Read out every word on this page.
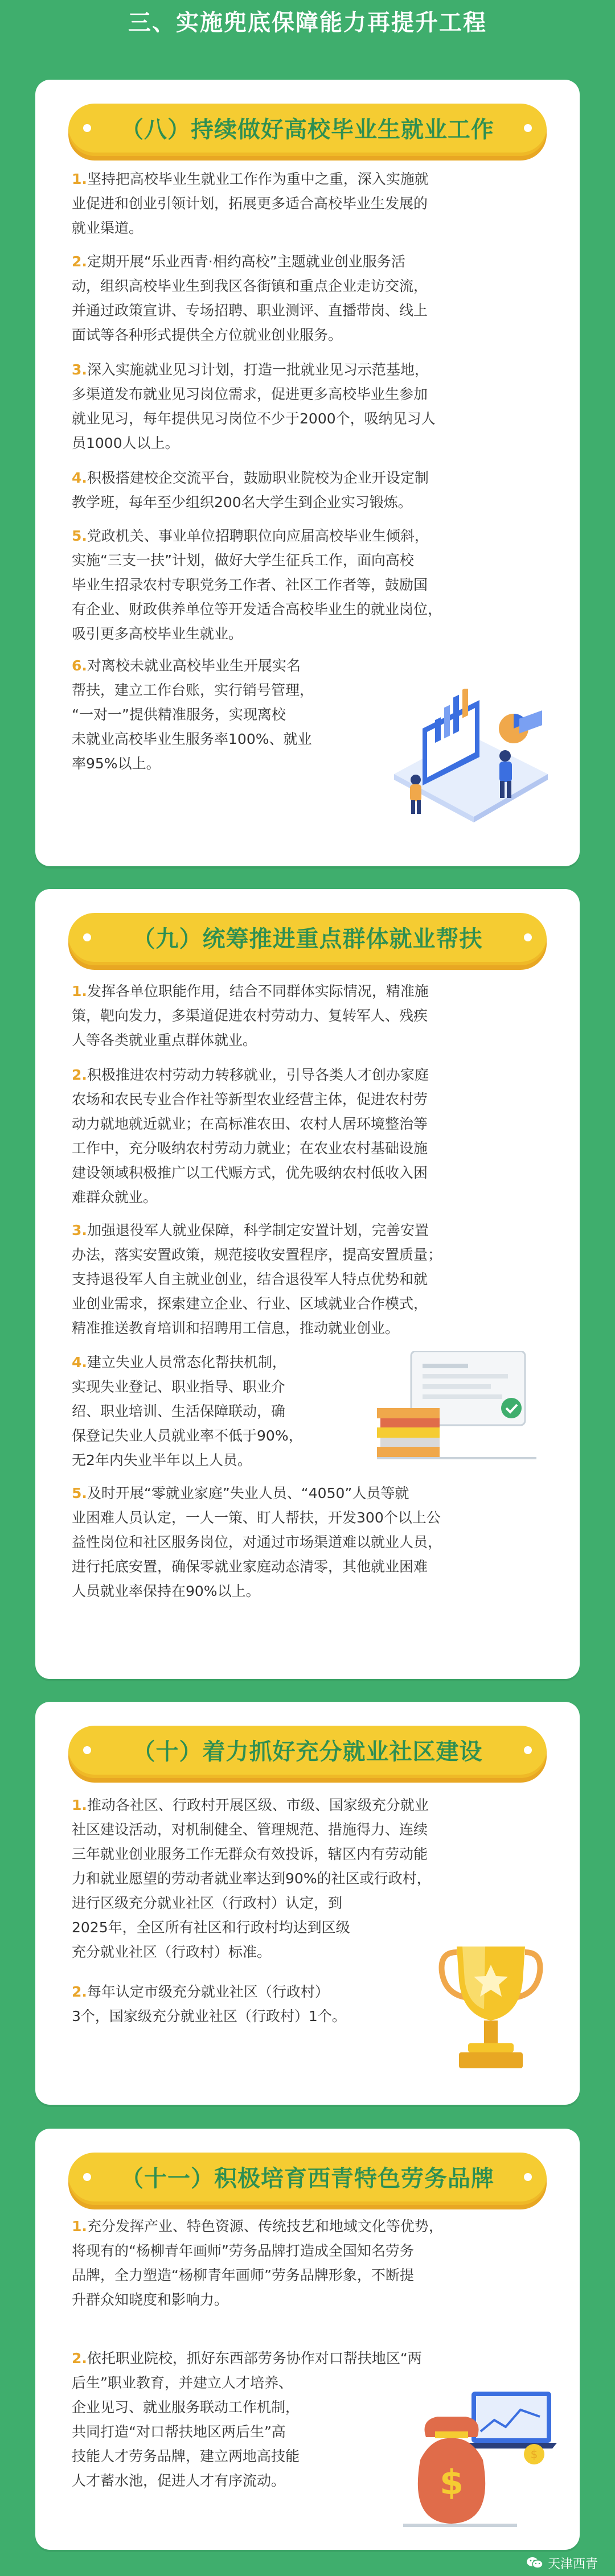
三、实施兜底保障能力再提升工程
（八）持续做好高校毕业生就业工作
1.坚持把高校毕业生就业工作作为重中之重，深入实施就
业促进和创业引领计划，拓展更多适合高校毕业生发展的
就业渠道。
2.定期开展“乐业西青·相约高校”主题就业创业服务活
动，组织高校毕业生到我区各街镇和重点企业走访交流，
并通过政策宣讲、专场招聘、职业测评、直播带岗、线上
面试等各种形式提供全方位就业创业服务。
3.深入实施就业见习计划，打造一批就业见习示范基地，
多渠道发布就业见习岗位需求，促进更多高校毕业生参加
就业见习，每年提供见习岗位不少于2000个，吸纳见习人
员1000人以上。
4.积极搭建校企交流平台，鼓励职业院校为企业开设定制
教学班，每年至少组织200名大学生到企业实习锻炼。
5.党政机关、事业单位招聘职位向应届高校毕业生倾斜，
实施“三支一扶”计划，做好大学生征兵工作，面向高校
毕业生招录农村专职党务工作者、社区工作者等，鼓励国
有企业、财政供养单位等开发适合高校毕业生的就业岗位，
吸引更多高校毕业生就业。
6.对离校未就业高校毕业生开展实名
帮扶，建立工作台账，实行销号管理，
“一对一”提供精准服务，实现离校
未就业高校毕业生服务率100%、就业
率95%以上。
（九）统筹推进重点群体就业帮扶
1.发挥各单位职能作用，结合不同群体实际情况，精准施
策，靶向发力，多渠道促进农村劳动力、复转军人、残疾
人等各类就业重点群体就业。
2.积极推进农村劳动力转移就业，引导各类人才创办家庭
农场和农民专业合作社等新型农业经营主体，促进农村劳
动力就地就近就业；在高标准农田、农村人居环境整治等
工作中，充分吸纳农村劳动力就业；在农业农村基础设施
建设领域积极推广以工代赈方式，优先吸纳农村低收入困
难群众就业。
3.加强退役军人就业保障，科学制定安置计划，完善安置
办法，落实安置政策，规范接收安置程序，提高安置质量；
支持退役军人自主就业创业，结合退役军人特点优势和就
业创业需求，探索建立企业、行业、区域就业合作模式，
精准推送教育培训和招聘用工信息，推动就业创业。
4.建立失业人员常态化帮扶机制，
实现失业登记、职业指导、职业介
绍、职业培训、生活保障联动，确
保登记失业人员就业率不低于90%，
无2年内失业半年以上人员。
5.及时开展“零就业家庭”失业人员、“4050”人员等就
业困难人员认定，一人一策、盯人帮扶，开发300个以上公
益性岗位和社区服务岗位，对通过市场渠道难以就业人员，
进行托底安置，确保零就业家庭动态清零，其他就业困难
人员就业率保持在90%以上。
（十）着力抓好充分就业社区建设
1.推动各社区、行政村开展区级、市级、国家级充分就业
社区建设活动，对机制健全、管理规范、措施得力、连续
三年就业创业服务工作无群众有效投诉，辖区内有劳动能
力和就业愿望的劳动者就业率达到90%的社区或行政村，
进行区级充分就业社区（行政村）认定，到
2025年，全区所有社区和行政村均达到区级
充分就业社区（行政村）标准。
2.每年认定市级充分就业社区（行政村）
3个，国家级充分就业社区（行政村）1个。
（十一）积极培育西青特色劳务品牌
1.充分发挥产业、特色资源、传统技艺和地域文化等优势，
将现有的“杨柳青年画师”劳务品牌打造成全国知名劳务
品牌，全力塑造“杨柳青年画师”劳务品牌形象，不断提
升群众知晓度和影响力。
2.依托职业院校，抓好东西部劳务协作对口帮扶地区“两
后生”职业教育，并建立人才培养、
企业见习、就业服务联动工作机制，
共同打造“对口帮扶地区两后生”高
技能人才劳务品牌，建立两地高技能
人才蓄水池，促进人才有序流动。
$
$
天津西青
